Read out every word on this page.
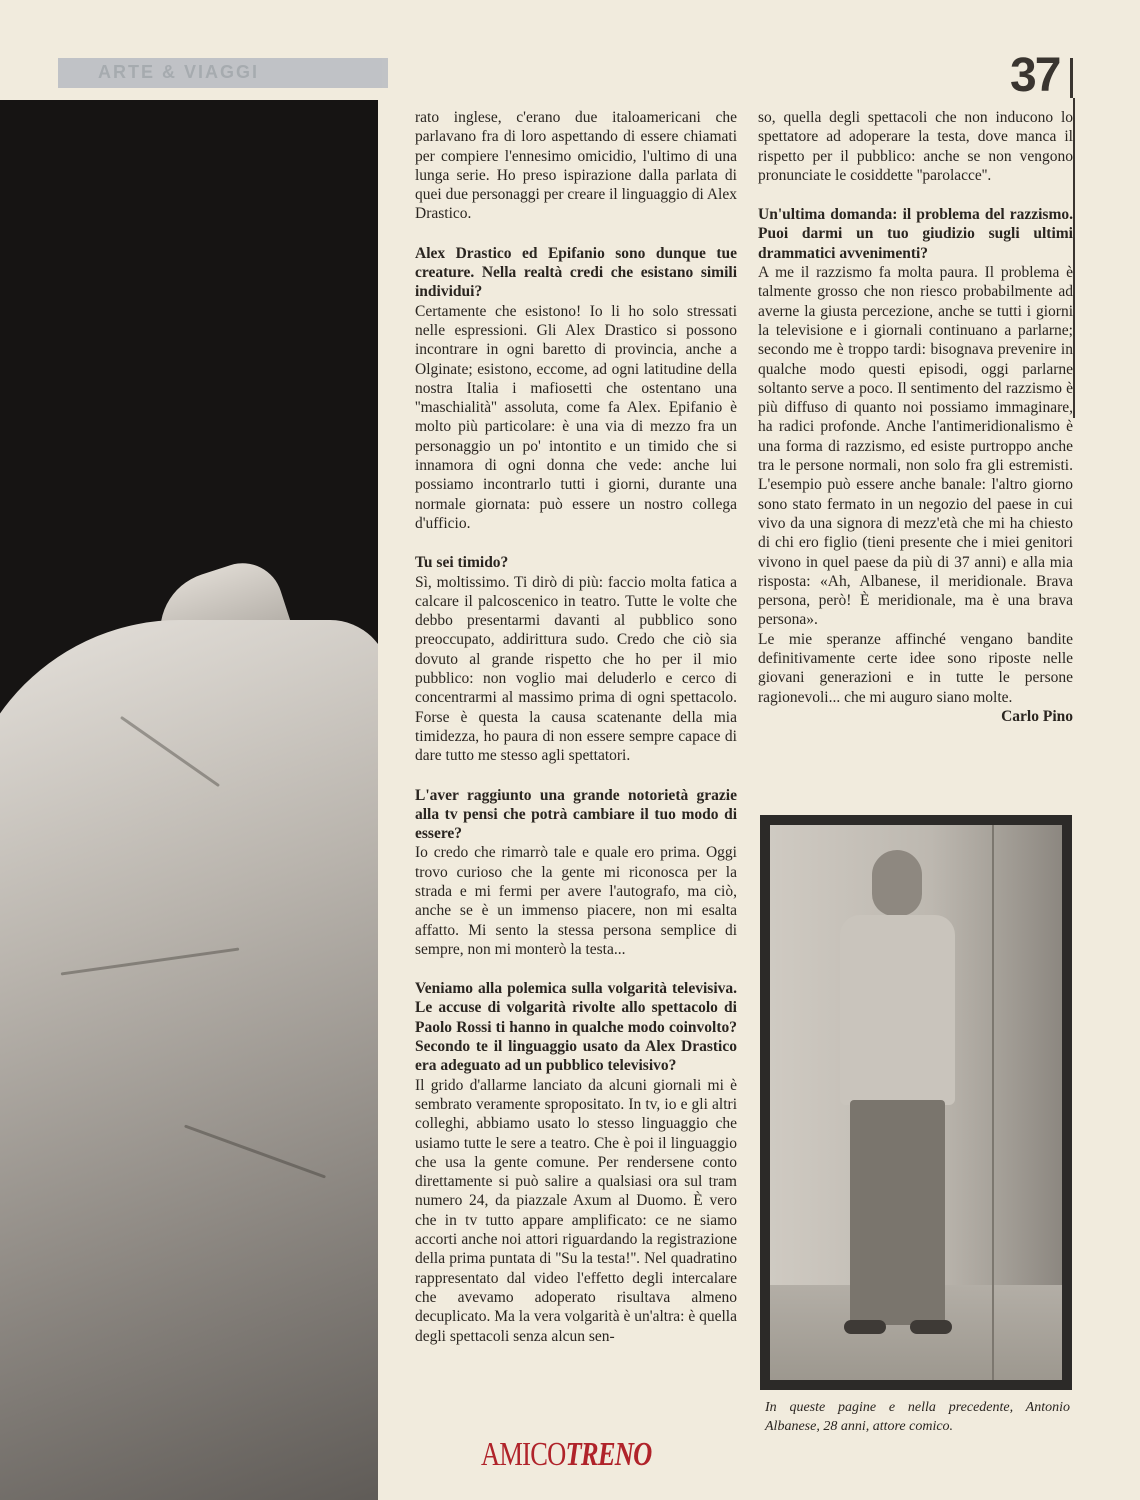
ARTE & VIAGGI	37

rato inglese, c'erano due italoamericani che parlavano fra di loro aspettando di essere chiamati per compiere l'ennesimo omicidio, l'ultimo di una lunga serie. Ho preso ispirazione dalla parlata di quei due personaggi per creare il linguaggio di Alex Drastico.

Alex Drastico ed Epifanio sono dunque tue creature. Nella realtà credi che esistano simili individui?

Certamente che esistono! Io li ho solo stressati nelle espressioni. Gli Alex Drastico si possono incontrare in ogni baretto di provincia, anche a Olginate; esistono, eccome, ad ogni latitudine della nostra Italia i mafiosetti che ostentano una ''maschialità'' assoluta, come fa Alex. Epifanio è molto più particolare: è una via di mezzo fra un personaggio un po' intontito e un timido che si innamora di ogni donna che vede: anche lui possiamo incontrarlo tutti i giorni, durante una normale giornata: può essere un nostro collega d'ufficio.

Tu sei timido?

Sì, moltissimo. Ti dirò di più: faccio molta fatica a calcare il palcoscenico in teatro. Tutte le volte che debbo presentarmi davanti al pubblico sono preoccupato, addirittura sudo. Credo che ciò sia dovuto al grande rispetto che ho per il mio pubblico: non voglio mai deluderlo e cerco di concentrarmi al massimo prima di ogni spettacolo. Forse è questa la causa scatenante della mia timidezza, ho paura di non essere sempre capace di dare tutto me stesso agli spettatori.

L'aver raggiunto una grande notorietà grazie alla tv pensi che potrà cambiare il tuo modo di essere?

Io credo che rimarrò tale e quale ero prima. Oggi trovo curioso che la gente mi riconosca per la strada e mi fermi per avere l'autografo, ma ciò, anche se è un immenso piacere, non mi esalta affatto. Mi sento la stessa persona semplice di sempre, non mi monterò la testa...

Veniamo alla polemica sulla volgarità televisiva. Le accuse di volgarità rivolte allo spettacolo di Paolo Rossi ti hanno in qualche modo coinvolto? Secondo te il linguaggio usato da Alex Drastico era adeguato ad un pubblico televisivo?

Il grido d'allarme lanciato da alcuni giornali mi è sembrato veramente spropositato. In tv, io e gli altri colleghi, abbiamo usato lo stesso linguaggio che usiamo tutte le sere a teatro. Che è poi il linguaggio che usa la gente comune. Per rendersene conto direttamente si può salire a qualsiasi ora sul tram numero 24, da piazzale Axum al Duomo. È vero che in tv tutto appare amplificato: ce ne siamo accorti anche noi attori riguardando la registrazione della prima puntata di ''Su la testa!''. Nel quadratino rappresentato dal video l'effetto degli intercalare che avevamo adoperato risultava almeno decuplicato. Ma la vera volgarità è un'altra: è quella degli spettacoli senza alcun sen-

so, quella degli spettacoli che non inducono lo spettatore ad adoperare la testa, dove manca il rispetto per il pubblico: anche se non vengono pronunciate le cosiddette ''parolacce''.

Un'ultima domanda: il problema del razzismo. Puoi darmi un tuo giudizio sugli ultimi drammatici avvenimenti?

A me il razzismo fa molta paura. Il problema è talmente grosso che non riesco probabilmente ad averne la giusta percezione, anche se tutti i giorni la televisione e i giornali continuano a parlarne; secondo me è troppo tardi: bisognava prevenire in qualche modo questi episodi, oggi parlarne soltanto serve a poco. Il sentimento del razzismo è più diffuso di quanto noi possiamo immaginare, ha radici profonde. Anche l'antimeridionalismo è una forma di razzismo, ed esiste purtroppo anche tra le persone normali, non solo fra gli estremisti. L'esempio può essere anche banale: l'altro giorno sono stato fermato in un negozio del paese in cui vivo da una signora di mezz'età che mi ha chiesto di chi ero figlio (tieni presente che i miei genitori vivono in quel paese da più di 37 anni) e alla mia risposta: «Ah, Albanese, il meridionale. Brava persona, però! È meridionale, ma è una brava persona».

Le mie speranze affinché vengano bandite definitivamente certe idee sono riposte nelle giovani generazioni e in tutte le persone ragionevoli... che mi auguro siano molte.

Carlo Pino

In queste pagine e nella precedente, Antonio Albanese, 28 anni, attore comico.
AMICOTRENO
